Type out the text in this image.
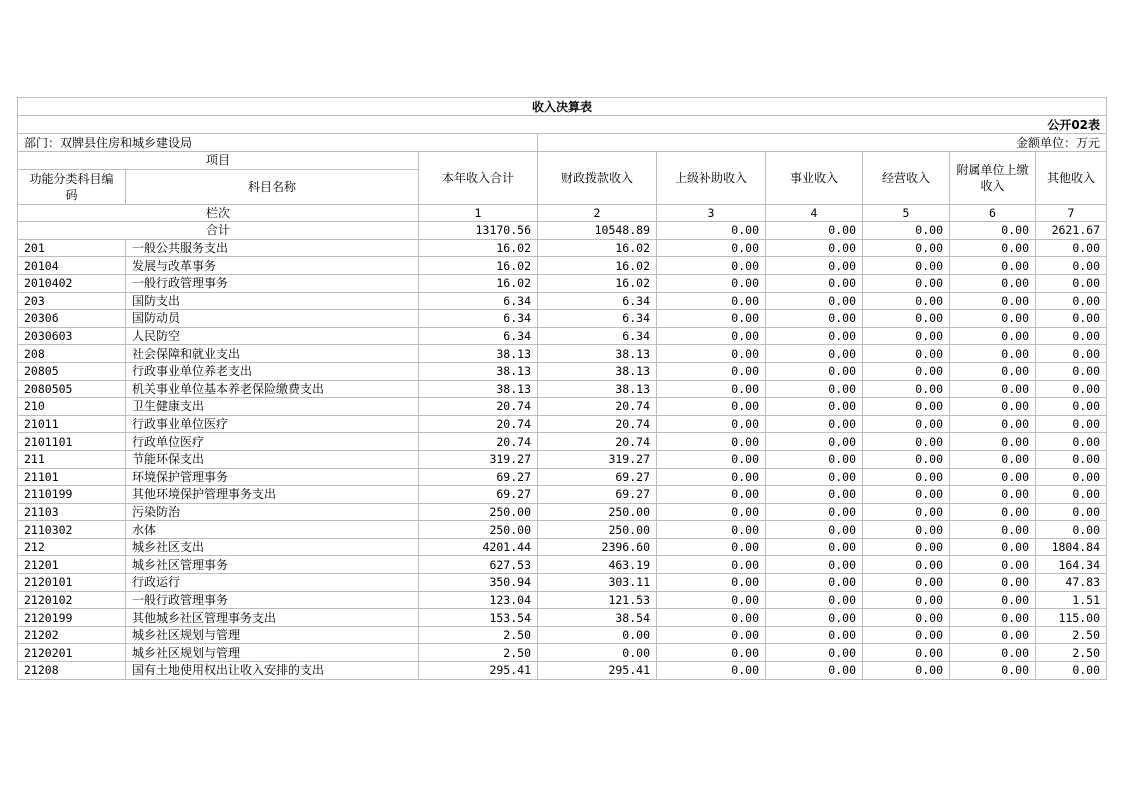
收入决算表								
			公开02表					
部门：双牌县住房和城乡建设局			金额单位：万元					
项目		本年收入合计	财政拨款收入	上级补助收入	事业收入	经营收入	附属单位上缴收入	其他收入
功能分类科目编码	科目名称							
栏次		1	2	3	4	5	6	7
合计		13170.56	10548.89	0.00	0.00	0.00	0.00	2621.67
201	一般公共服务支出	16.02	16.02	0.00	0.00	0.00	0.00	0.00
20104	发展与改革事务	16.02	16.02	0.00	0.00	0.00	0.00	0.00
2010402	一般行政管理事务	16.02	16.02	0.00	0.00	0.00	0.00	0.00
203	国防支出	6.34	6.34	0.00	0.00	0.00	0.00	0.00
20306	国防动员	6.34	6.34	0.00	0.00	0.00	0.00	0.00
2030603	人民防空	6.34	6.34	0.00	0.00	0.00	0.00	0.00
208	社会保障和就业支出	38.13	38.13	0.00	0.00	0.00	0.00	0.00
20805	行政事业单位养老支出	38.13	38.13	0.00	0.00	0.00	0.00	0.00
2080505	机关事业单位基本养老保险缴费支出	38.13	38.13	0.00	0.00	0.00	0.00	0.00
210	卫生健康支出	20.74	20.74	0.00	0.00	0.00	0.00	0.00
21011	行政事业单位医疗	20.74	20.74	0.00	0.00	0.00	0.00	0.00
2101101	行政单位医疗	20.74	20.74	0.00	0.00	0.00	0.00	0.00
211	节能环保支出	319.27	319.27	0.00	0.00	0.00	0.00	0.00
21101	环境保护管理事务	69.27	69.27	0.00	0.00	0.00	0.00	0.00
2110199	其他环境保护管理事务支出	69.27	69.27	0.00	0.00	0.00	0.00	0.00
21103	污染防治	250.00	250.00	0.00	0.00	0.00	0.00	0.00
2110302	水体	250.00	250.00	0.00	0.00	0.00	0.00	0.00
212	城乡社区支出	4201.44	2396.60	0.00	0.00	0.00	0.00	1804.84
21201	城乡社区管理事务	627.53	463.19	0.00	0.00	0.00	0.00	164.34
2120101	行政运行	350.94	303.11	0.00	0.00	0.00	0.00	47.83
2120102	一般行政管理事务	123.04	121.53	0.00	0.00	0.00	0.00	1.51
2120199	其他城乡社区管理事务支出	153.54	38.54	0.00	0.00	0.00	0.00	115.00
21202	城乡社区规划与管理	2.50	0.00	0.00	0.00	0.00	0.00	2.50
2120201	城乡社区规划与管理	2.50	0.00	0.00	0.00	0.00	0.00	2.50
21208	国有土地使用权出让收入安排的支出	295.41	295.41	0.00	0.00	0.00	0.00	0.00
